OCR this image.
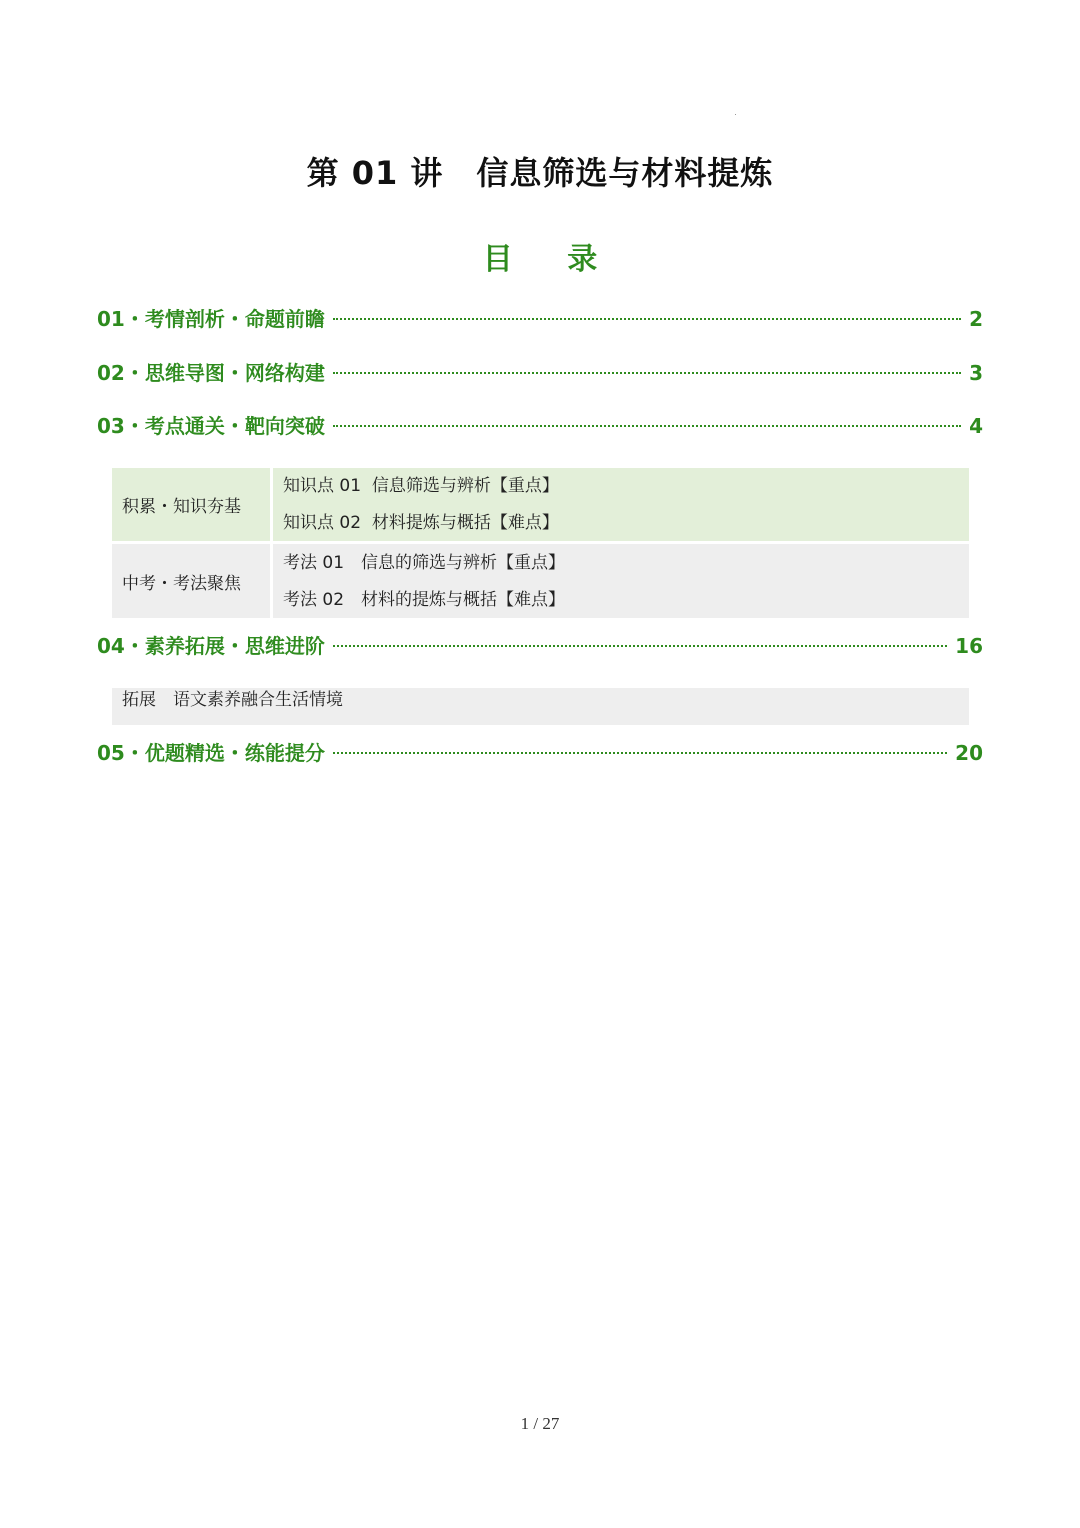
第 01 讲　信息筛选与材料提炼
目 录
01・考情剖析・命题前瞻	2
02・思维导图・网络构建	3
03・考点通关・靶向突破	4
积累・知识夯基
知识点 01  信息筛选与辨析【重点】
知识点 02  材料提炼与概括【难点】
中考・考法聚焦
考法 01　信息的筛选与辨析【重点】
考法 02　材料的提炼与概括【难点】
04・素养拓展・思维进阶	16
拓展　语文素养融合生活情境
05・优题精选・练能提分	20
1 / 27
